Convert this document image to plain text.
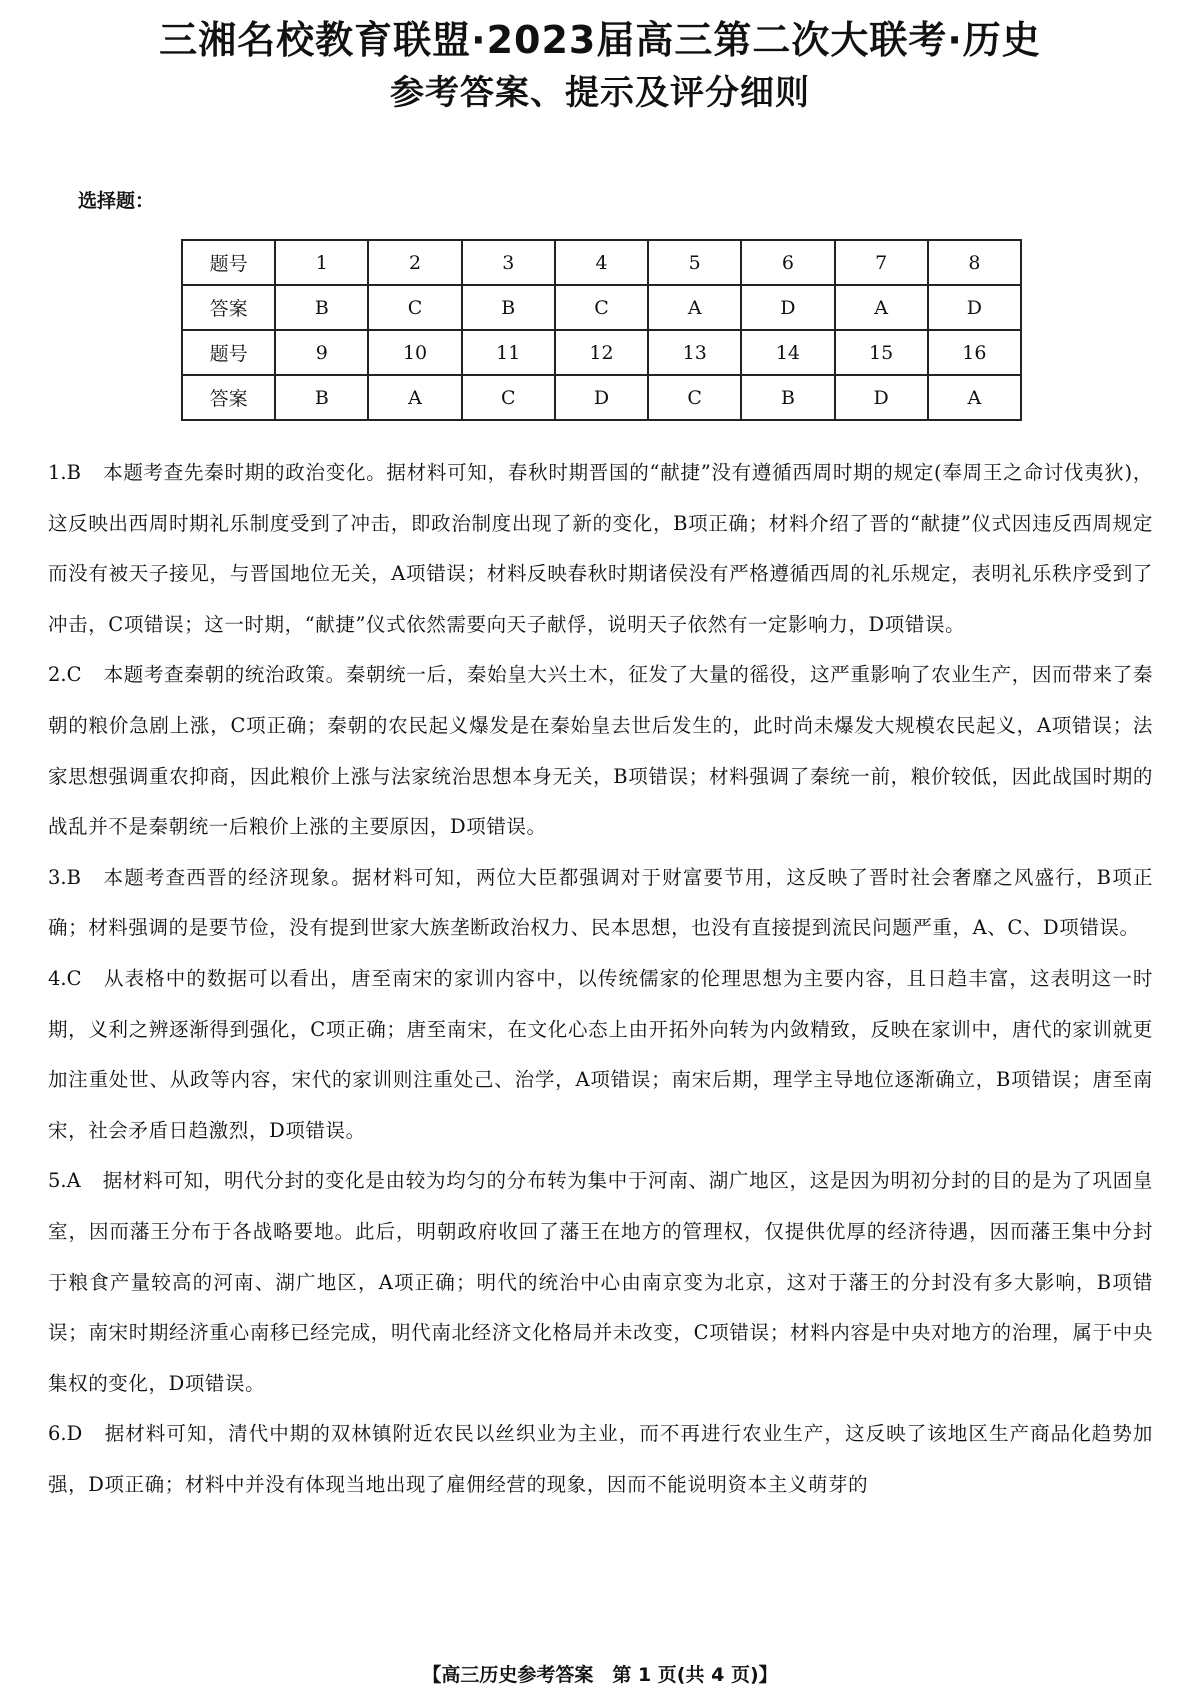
三湘名校教育联盟·2023届高三第二次大联考·历史
参考答案、提示及评分细则
选择题：
题号	1	2	3	4	5	6	7	8
答案	B	C	B	C	A	D	A	D
题号	9	10	11	12	13	14	15	16
答案	B	A	C	D	C	B	D	A

1.B 本题考查先秦时期的政治变化。据材料可知，春秋时期晋国的“献捷”没有遵循西周时期的规定(奉周王之命讨伐夷狄)，这反映出西周时期礼乐制度受到了冲击，即政治制度出现了新的变化，B项正确；材料介绍了晋的“献捷”仪式因违反西周规定而没有被天子接见，与晋国地位无关，A项错误；材料反映春秋时期诸侯没有严格遵循西周的礼乐规定，表明礼乐秩序受到了冲击，C项错误；这一时期，“献捷”仪式依然需要向天子献俘，说明天子依然有一定影响力，D项错误。

2.C 本题考查秦朝的统治政策。秦朝统一后，秦始皇大兴土木，征发了大量的徭役，这严重影响了农业生产，因而带来了秦朝的粮价急剧上涨，C项正确；秦朝的农民起义爆发是在秦始皇去世后发生的，此时尚未爆发大规模农民起义，A项错误；法家思想强调重农抑商，因此粮价上涨与法家统治思想本身无关，B项错误；材料强调了秦统一前，粮价较低，因此战国时期的战乱并不是秦朝统一后粮价上涨的主要原因，D项错误。

3.B 本题考查西晋的经济现象。据材料可知，两位大臣都强调对于财富要节用，这反映了晋时社会奢靡之风盛行，B项正确；材料强调的是要节俭，没有提到世家大族垄断政治权力、民本思想，也没有直接提到流民问题严重，A、C、D项错误。

4.C 从表格中的数据可以看出，唐至南宋的家训内容中，以传统儒家的伦理思想为主要内容，且日趋丰富，这表明这一时期，义利之辨逐渐得到强化，C项正确；唐至南宋，在文化心态上由开拓外向转为内敛精致，反映在家训中，唐代的家训就更加注重处世、从政等内容，宋代的家训则注重处己、治学，A项错误；南宋后期，理学主导地位逐渐确立，B项错误；唐至南宋，社会矛盾日趋激烈，D项错误。

5.A 据材料可知，明代分封的变化是由较为均匀的分布转为集中于河南、湖广地区，这是因为明初分封的目的是为了巩固皇室，因而藩王分布于各战略要地。此后，明朝政府收回了藩王在地方的管理权，仅提供优厚的经济待遇，因而藩王集中分封于粮食产量较高的河南、湖广地区，A项正确；明代的统治中心由南京变为北京，这对于藩王的分封没有多大影响，B项错误；南宋时期经济重心南移已经完成，明代南北经济文化格局并未改变，C项错误；材料内容是中央对地方的治理，属于中央集权的变化，D项错误。

6.D 据材料可知，清代中期的双林镇附近农民以丝织业为主业，而不再进行农业生产，这反映了该地区生产商品化趋势加强，D项正确；材料中并没有体现当地出现了雇佣经营的现象，因而不能说明资本主义萌芽的

【高三历史参考答案　第 1 页(共 4 页)】
